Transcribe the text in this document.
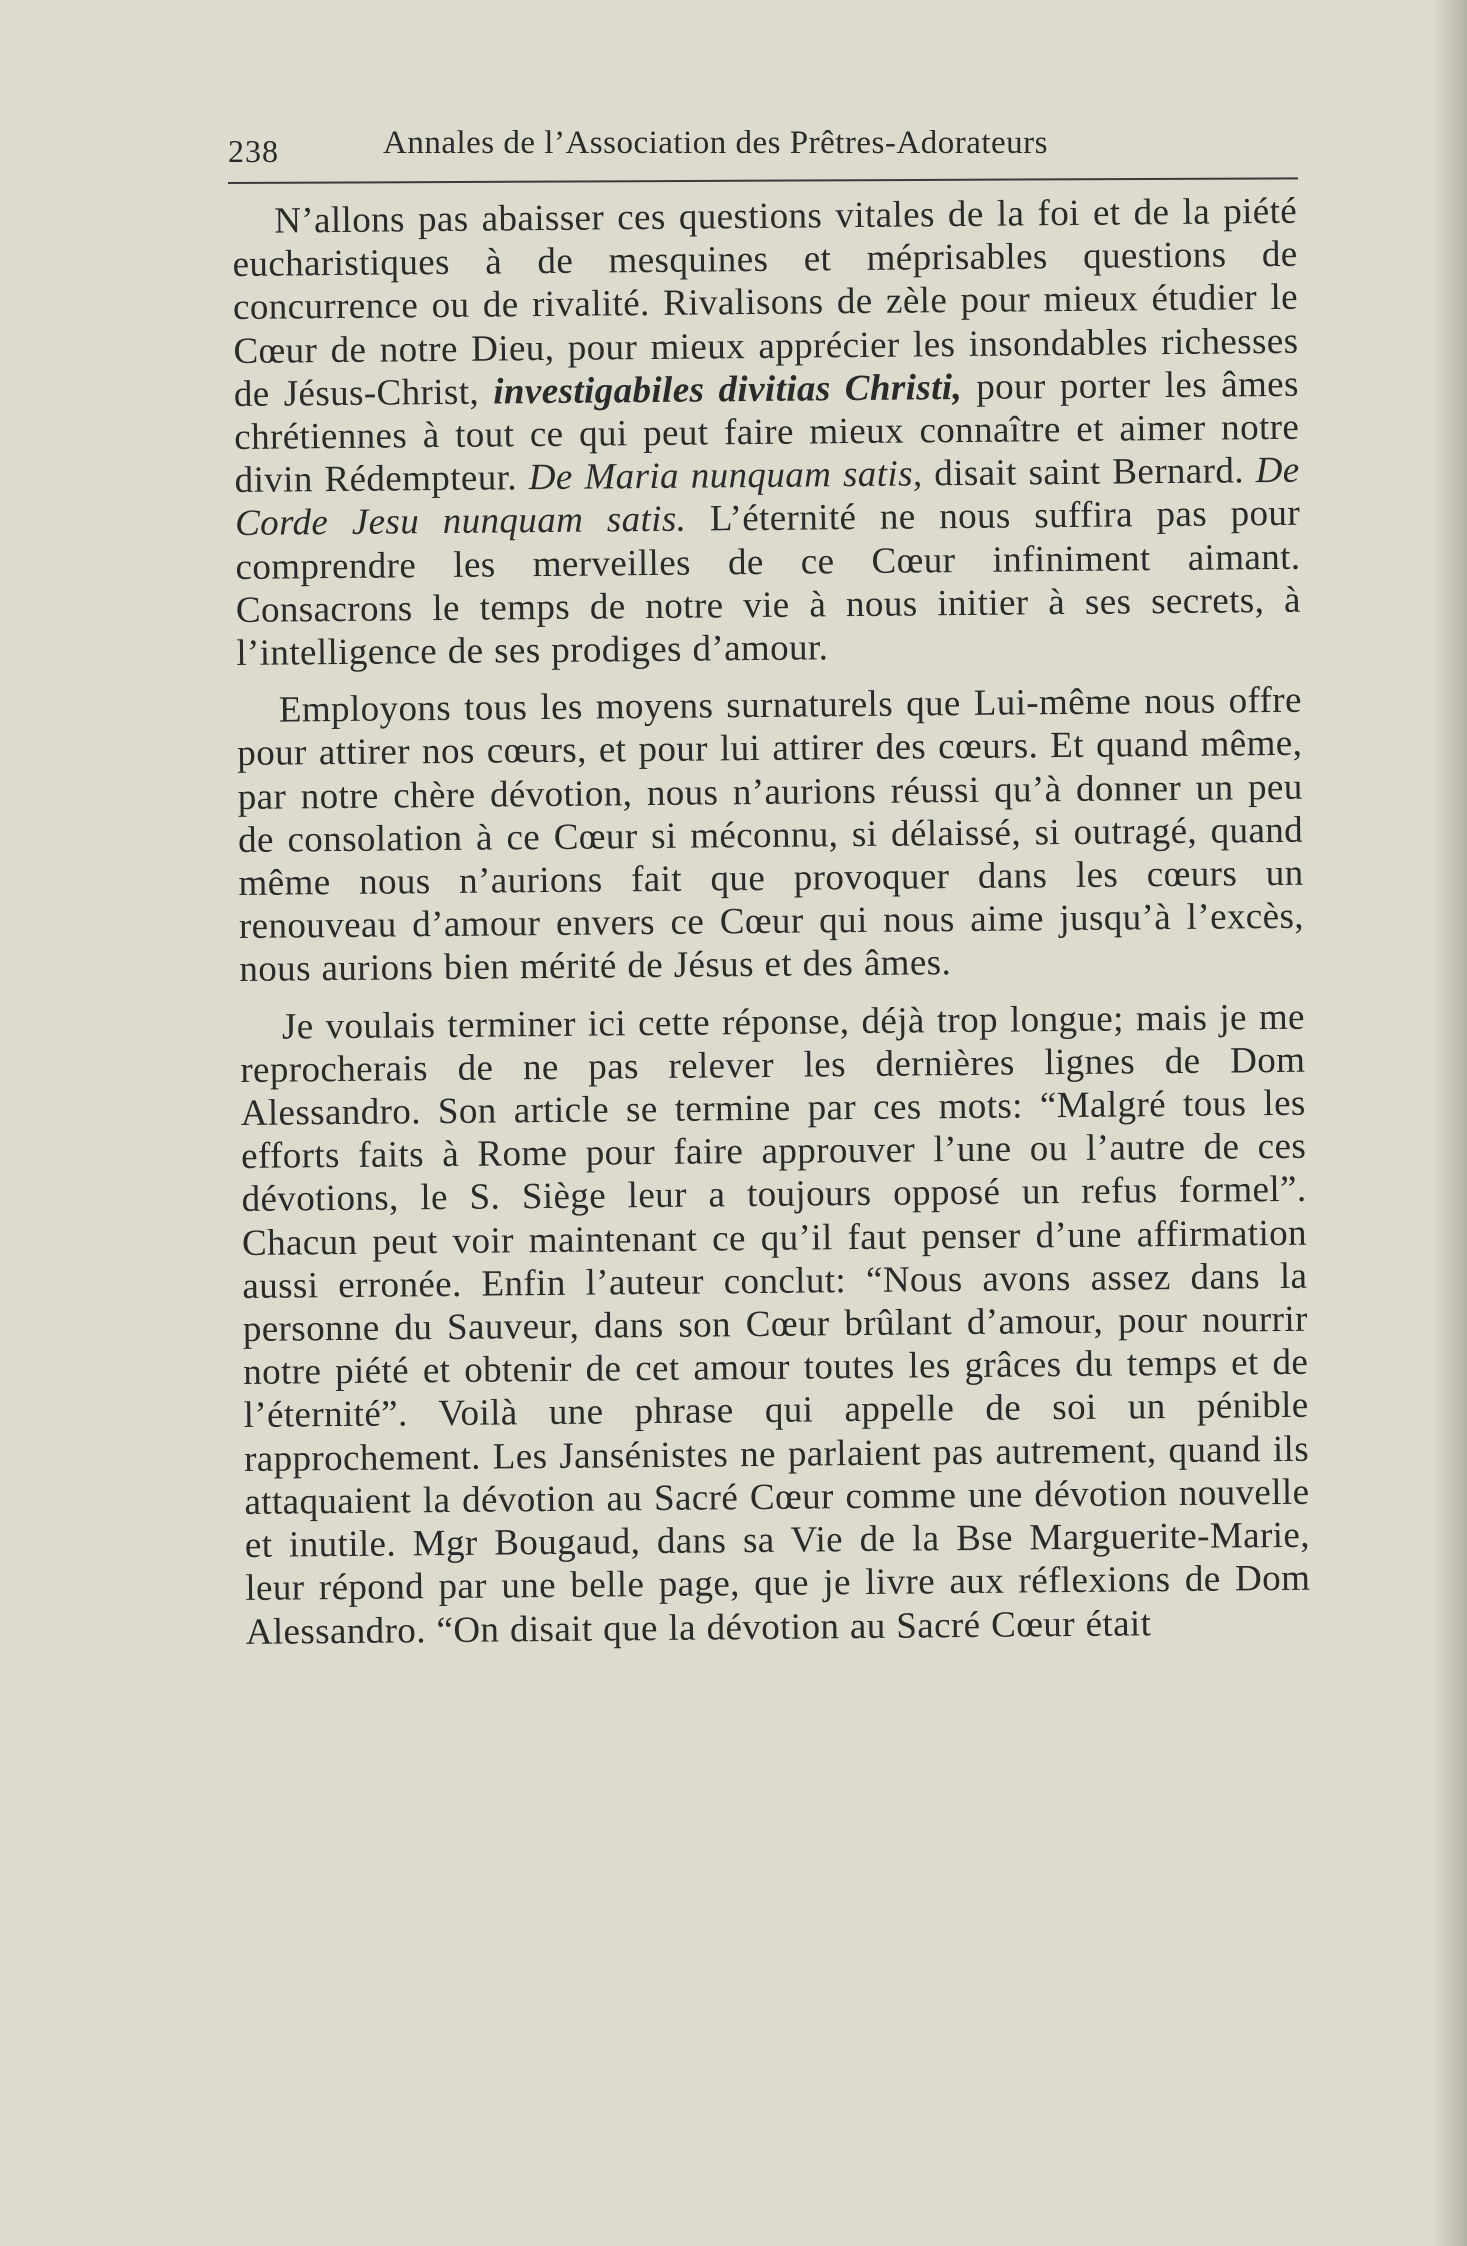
238	Annales de l’Association des Prêtres-Adorateurs

N’allons pas abaisser ces questions vitales de la foi et de la piété eucharistiques à de mesquines et méprisables questions de concurrence ou de rivalité. Rivalisons de zèle pour mieux étudier le Cœur de notre Dieu, pour mieux apprécier les insondables richesses de Jésus-Christ, investigabiles divitias Christi, pour porter les âmes chrétiennes à tout ce qui peut faire mieux connaître et aimer notre divin Rédempteur. De Maria nunquam satis, disait saint Bernard. De Corde Jesu nunquam satis. L’éternité ne nous suffira pas pour comprendre les merveilles de ce Cœur infiniment aimant. Consacrons le temps de notre vie à nous initier à ses secrets, à l’intelligence de ses prodiges d’amour.

Employons tous les moyens surnaturels que Lui-même nous offre pour attirer nos cœurs, et pour lui attirer des cœurs. Et quand même, par notre chère dévotion, nous n’aurions réussi qu’à donner un peu de consolation à ce Cœur si méconnu, si délaissé, si outragé, quand même nous n’aurions fait que provoquer dans les cœurs un renouveau d’amour envers ce Cœur qui nous aime jusqu’à l’excès, nous aurions bien mérité de Jésus et des âmes.

Je voulais terminer ici cette réponse, déjà trop longue; mais je me reprocherais de ne pas relever les dernières lignes de Dom Alessandro. Son article se termine par ces mots: “Malgré tous les efforts faits à Rome pour faire approuver l’une ou l’autre de ces dévotions, le S. Siège leur a toujours opposé un refus formel”. Chacun peut voir maintenant ce qu’il faut penser d’une affirmation aussi erronée. Enfin l’auteur conclut: “Nous avons assez dans la personne du Sauveur, dans son Cœur brûlant d’amour, pour nourrir notre piété et obtenir de cet amour toutes les grâces du temps et de l’éternité”. Voilà une phrase qui appelle de soi un pénible rapprochement. Les Jansénistes ne parlaient pas autrement, quand ils attaquaient la dévotion au Sacré Cœur comme une dévotion nouvelle et inutile. Mgr Bougaud, dans sa Vie de la Bse Marguerite-Marie, leur répond par une belle page, que je livre aux réflexions de Dom Alessandro. “On disait que la dévotion au Sacré Cœur était
